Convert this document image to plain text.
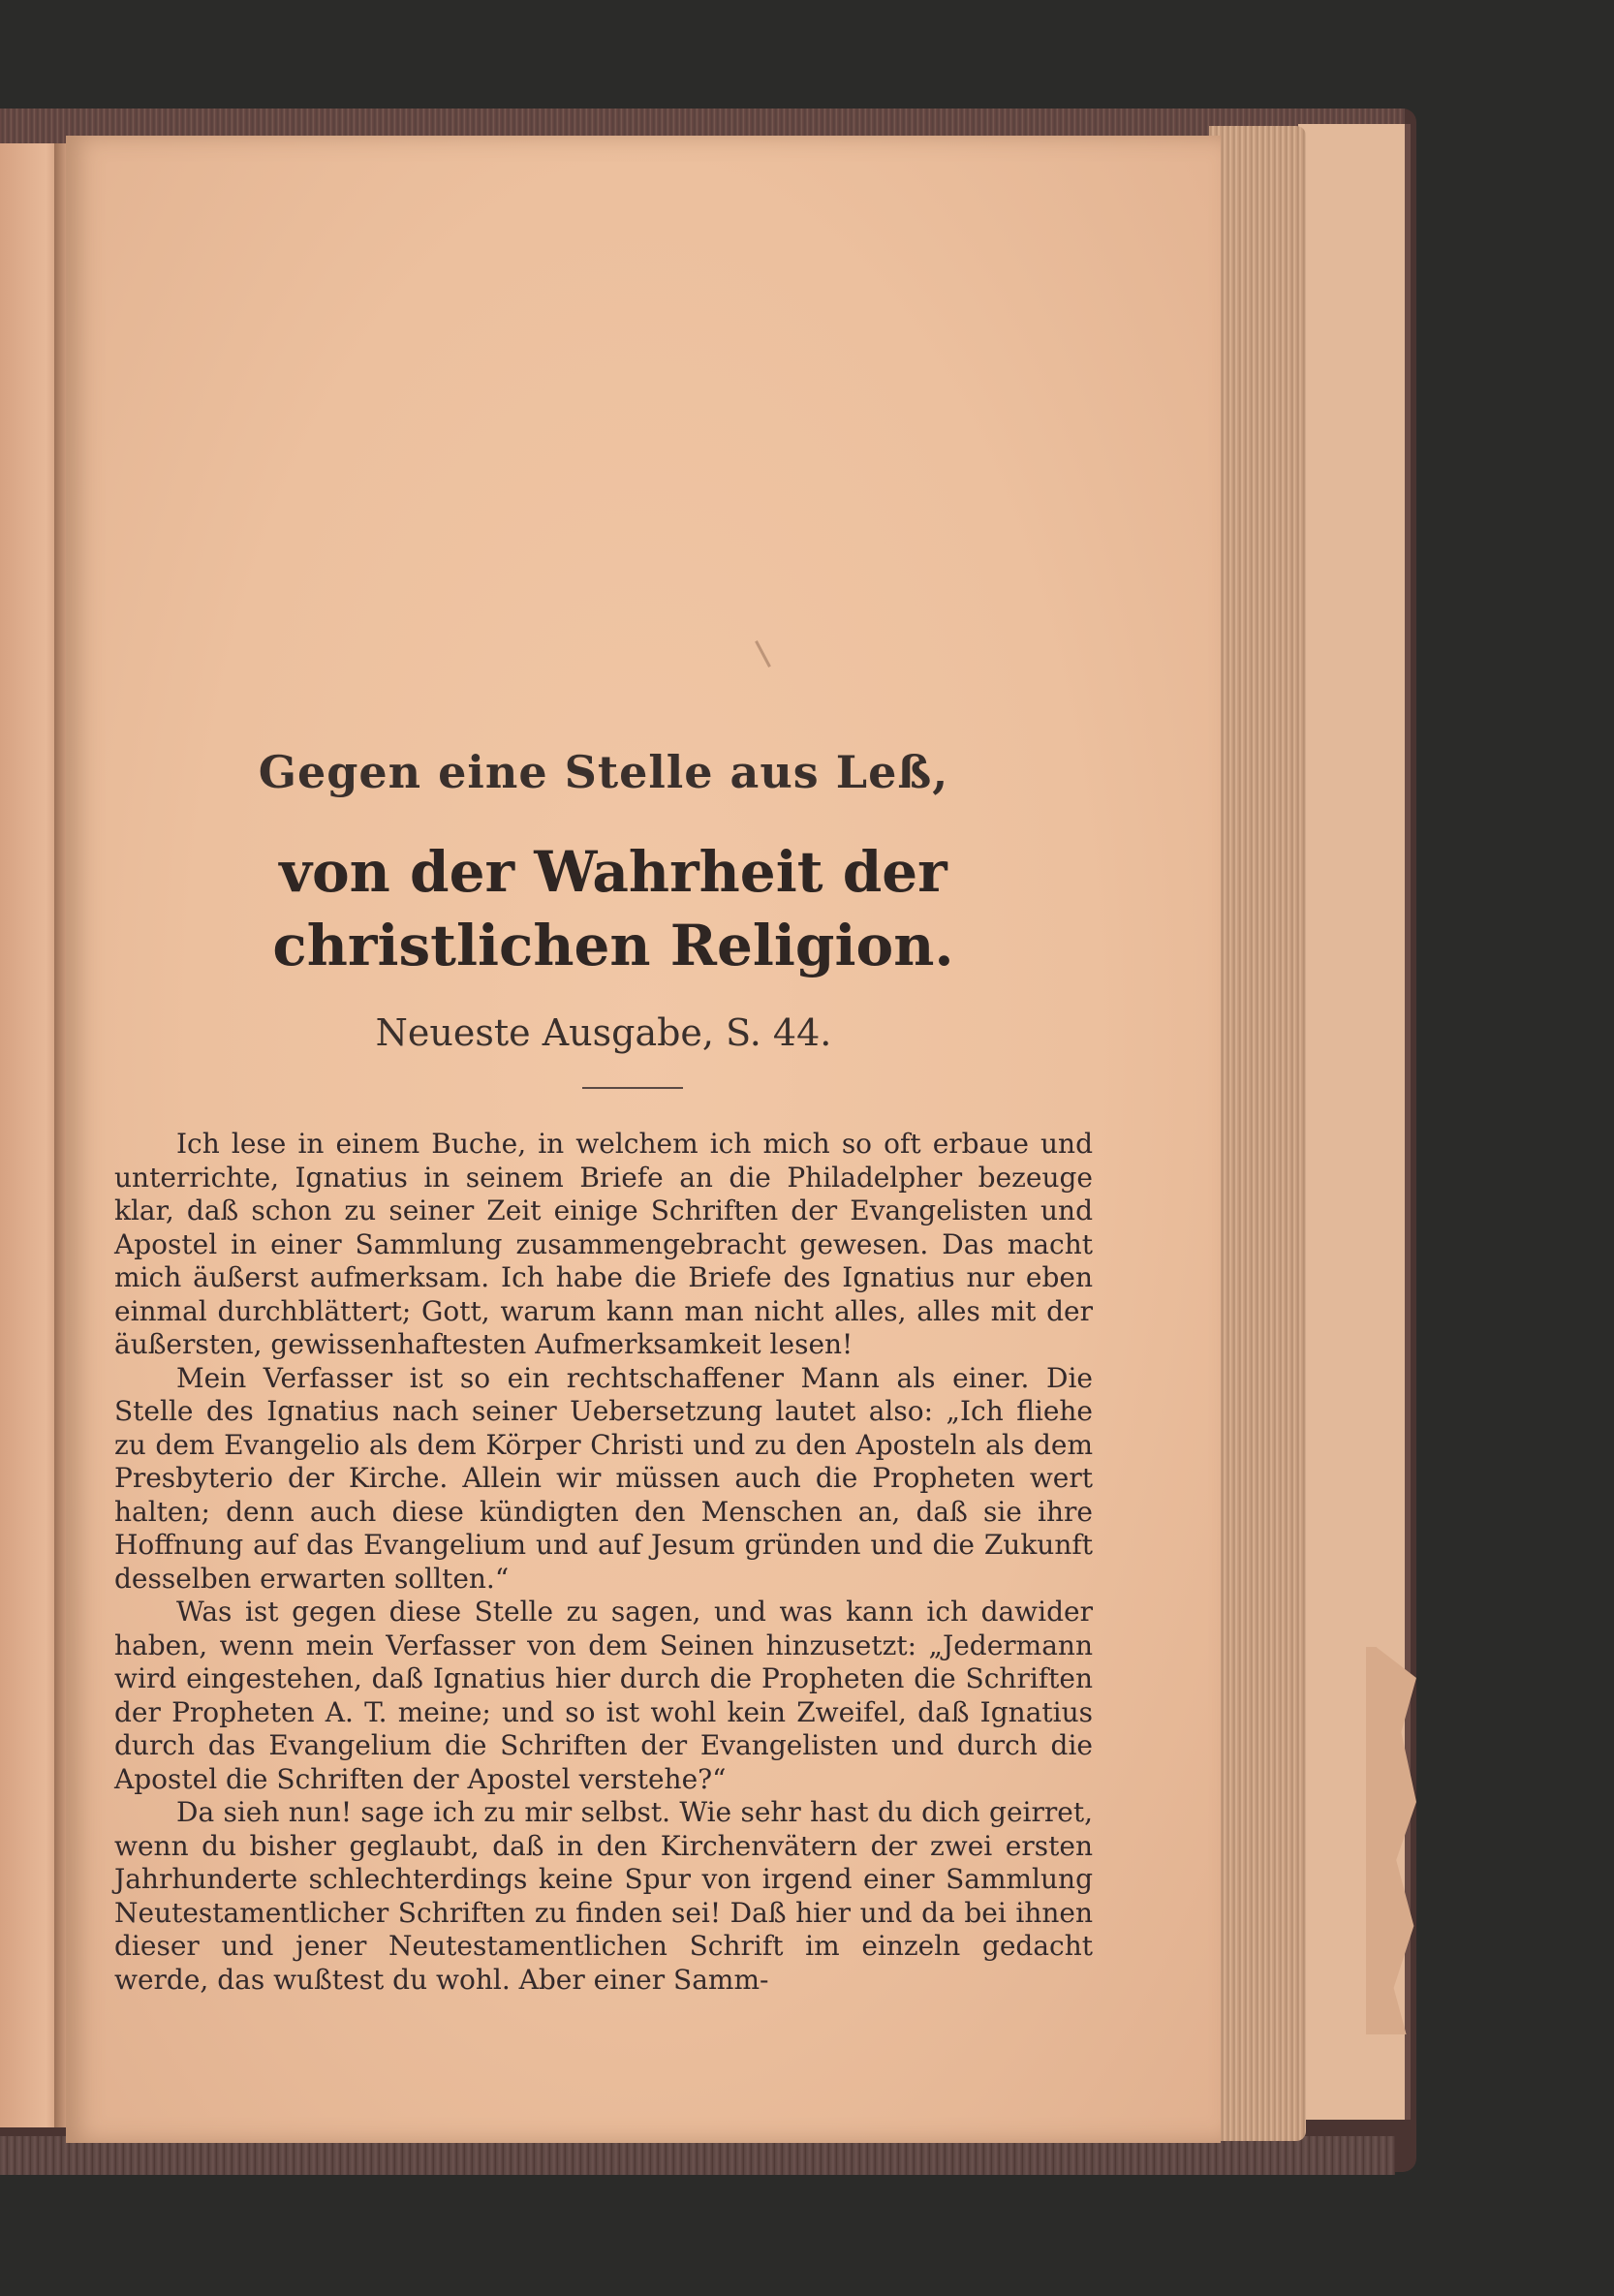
Gegen eine Stelle aus Leß,
von der Wahrheit der christlichen Religion.
Neueste Ausgabe, S. 44.

Ich lese in einem Buche, in welchem ich mich so oft erbaue und unterrichte, Ignatius in seinem Briefe an die Philadelpher bezeuge klar, daß schon zu seiner Zeit einige Schriften der Evangelisten und Apostel in einer Sammlung zusammengebracht gewesen. Das macht mich äußerst aufmerksam. Ich habe die Briefe des Ignatius nur eben einmal durchblättert; Gott, warum kann man nicht alles, alles mit der äußersten, gewissenhaftesten Aufmerksamkeit lesen!

Mein Verfasser ist so ein rechtschaffener Mann als einer. Die Stelle des Ignatius nach seiner Uebersetzung lautet also: „Ich fliehe zu dem Evangelio als dem Körper Christi und zu den Aposteln als dem Presbyterio der Kirche. Allein wir müssen auch die Propheten wert halten; denn auch diese kündigten den Menschen an, daß sie ihre Hoffnung auf das Evangelium und auf Jesum gründen und die Zukunft desselben erwarten sollten.“

Was ist gegen diese Stelle zu sagen, und was kann ich dawider haben, wenn mein Verfasser von dem Seinen hinzusetzt: „Jedermann wird eingestehen, daß Ignatius hier durch die Propheten die Schriften der Propheten A. T. meine; und so ist wohl kein Zweifel, daß Ignatius durch das Evangelium die Schriften der Evangelisten und durch die Apostel die Schriften der Apostel verstehe?“

Da sieh nun! sage ich zu mir selbst. Wie sehr hast du dich geirret, wenn du bisher geglaubt, daß in den Kirchenvätern der zwei ersten Jahrhunderte schlechterdings keine Spur von irgend einer Sammlung Neutestamentlicher Schriften zu finden sei! Daß hier und da bei ihnen dieser und jener Neutestamentlichen Schrift im einzeln gedacht werde, das wußtest du wohl. Aber einer Samm-
